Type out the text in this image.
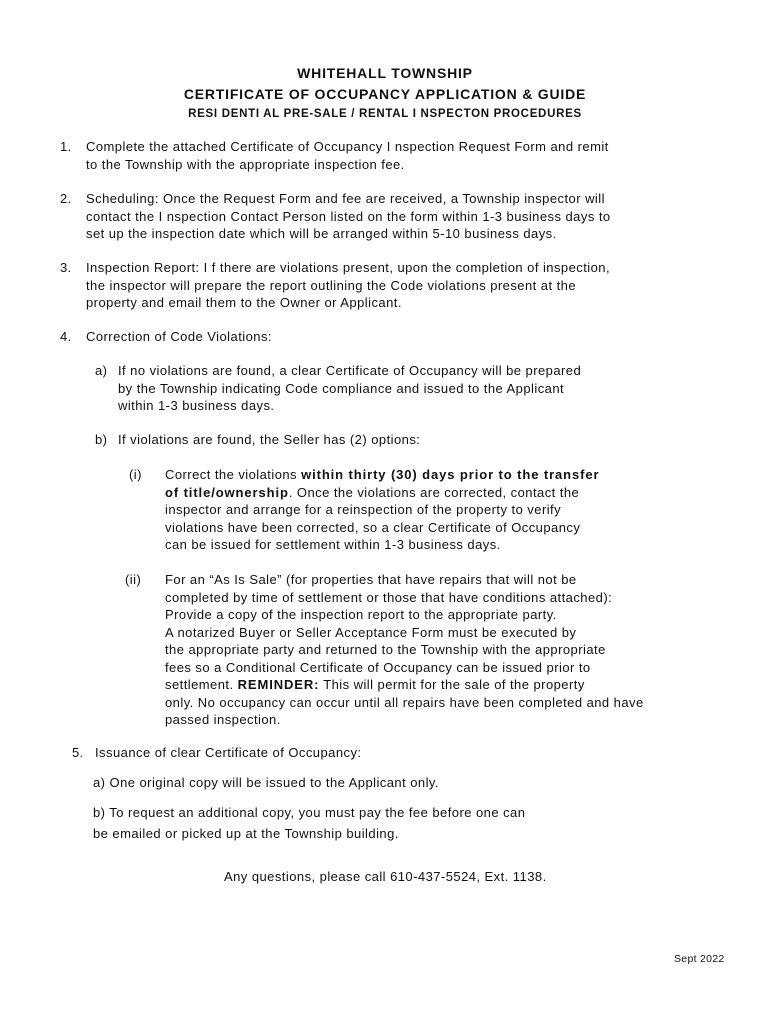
WHITEHALL TOWNSHIP
CERTIFICATE OF OCCUPANCY APPLICATION & GUIDE
RESI DENTI AL PRE-SALE / RENTAL I NSPECTON PROCEDURES
1. Complete the attached Certificate of Occupancy I nspection Request Form and remit
to the Township with the appropriate inspection fee.
2. Scheduling: Once the Request Form and fee are received, a Township inspector will
contact the I nspection Contact Person listed on the form within 1-3 business days to
set up the inspection date which will be arranged within 5-10 business days.
3. Inspection Report: I f there are violations present, upon the completion of inspection,
the inspector will prepare the report outlining the Code violations present at the
property and email them to the Owner or Applicant.
4. Correction of Code Violations:
a) If no violations are found, a clear Certificate of Occupancy will be prepared
by the Township indicating Code compliance and issued to the Applicant
within 1-3 business days.
b) If violations are found, the Seller has (2) options:
(i) Correct the violations within thirty (30) days prior to the transfer
of title/ownership. Once the violations are corrected, contact the
inspector and arrange for a reinspection of the property to verify
violations have been corrected, so a clear Certificate of Occupancy
can be issued for settlement within 1-3 business days.
(ii) For an “As Is Sale” (for properties that have repairs that will not be
completed by time of settlement or those that have conditions attached):
Provide a copy of the inspection report to the appropriate party.
A notarized Buyer or Seller Acceptance Form must be executed by
the appropriate party and returned to the Township with the appropriate
fees so a Conditional Certificate of Occupancy can be issued prior to
settlement. REMINDER: This will permit for the sale of the property
only. No occupancy can occur until all repairs have been completed and have
passed inspection.
5. Issuance of clear Certificate of Occupancy:
a) One original copy will be issued to the Applicant only.
b) To request an additional copy, you must pay the fee before one can
be emailed or picked up at the Township building.
Any questions, please call 610-437-5524, Ext. 1138.
Sept 2022
